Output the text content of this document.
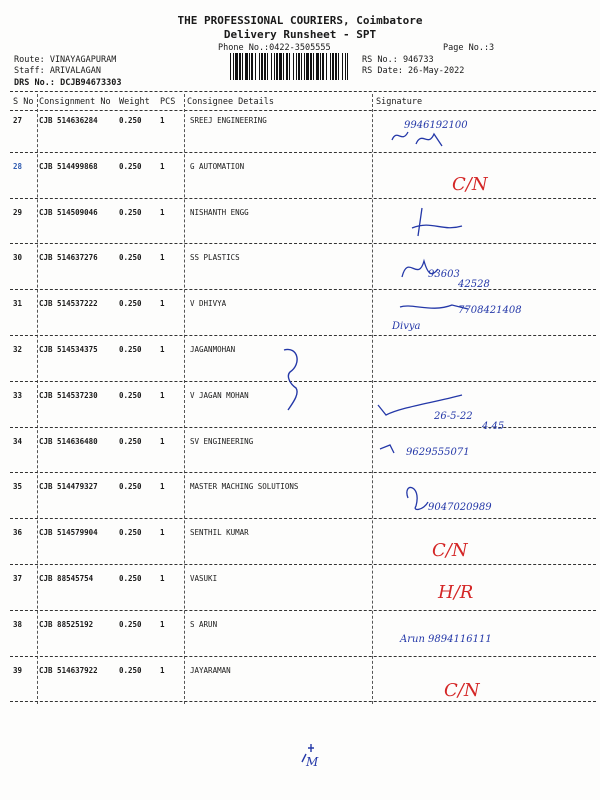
THE PROFESSIONAL COURIERS, Coimbatore
Delivery Runsheet - SPT
Phone No.:0422-3505555	Page No.:3
Route: VINAYAGAPURAM
Staff: ARIVALAGAN
DRS No.: DCJB94673303
RS No.: 946733
RS Date: 26-May-2022
S No Consignment No Weight PCS Consignee Details	Signature
27 CJB 514636284	0.250 1	SREEJ ENGINEERING	9946192100
28 CJB 514499868	0.250 1	G AUTOMATION
C/N
29 CJB 514509046	0.250 1	NISHANTH ENGG
30 CJB 514637276	0.250 1	SS PLASTICS
93603
42528
31 CJB 514537222	0.250 1	V DHIVYA
Divya
7708421408
32 CJB 514534375	0.250 1	JAGANMOHAN
33 CJB 514537230	0.250 1	V JAGAN MOHAN
26-5-22
4.45
34 CJB 514636480	0.250 1	SV ENGINEERING
9629555071
35 CJB 514479327	0.250 1	MASTER MACHING SOLUTIONS
9047020989
36 CJB 514579904	0.250 1	SENTHIL KUMAR
C/N
37 CJB 88545754	0.250 1	VASUKI
H/R
38 CJB 88525192	0.250 1	S ARUN
Arun 9894116111
39 CJB 514637922	0.250 1	JAYARAMAN
C/N
M
